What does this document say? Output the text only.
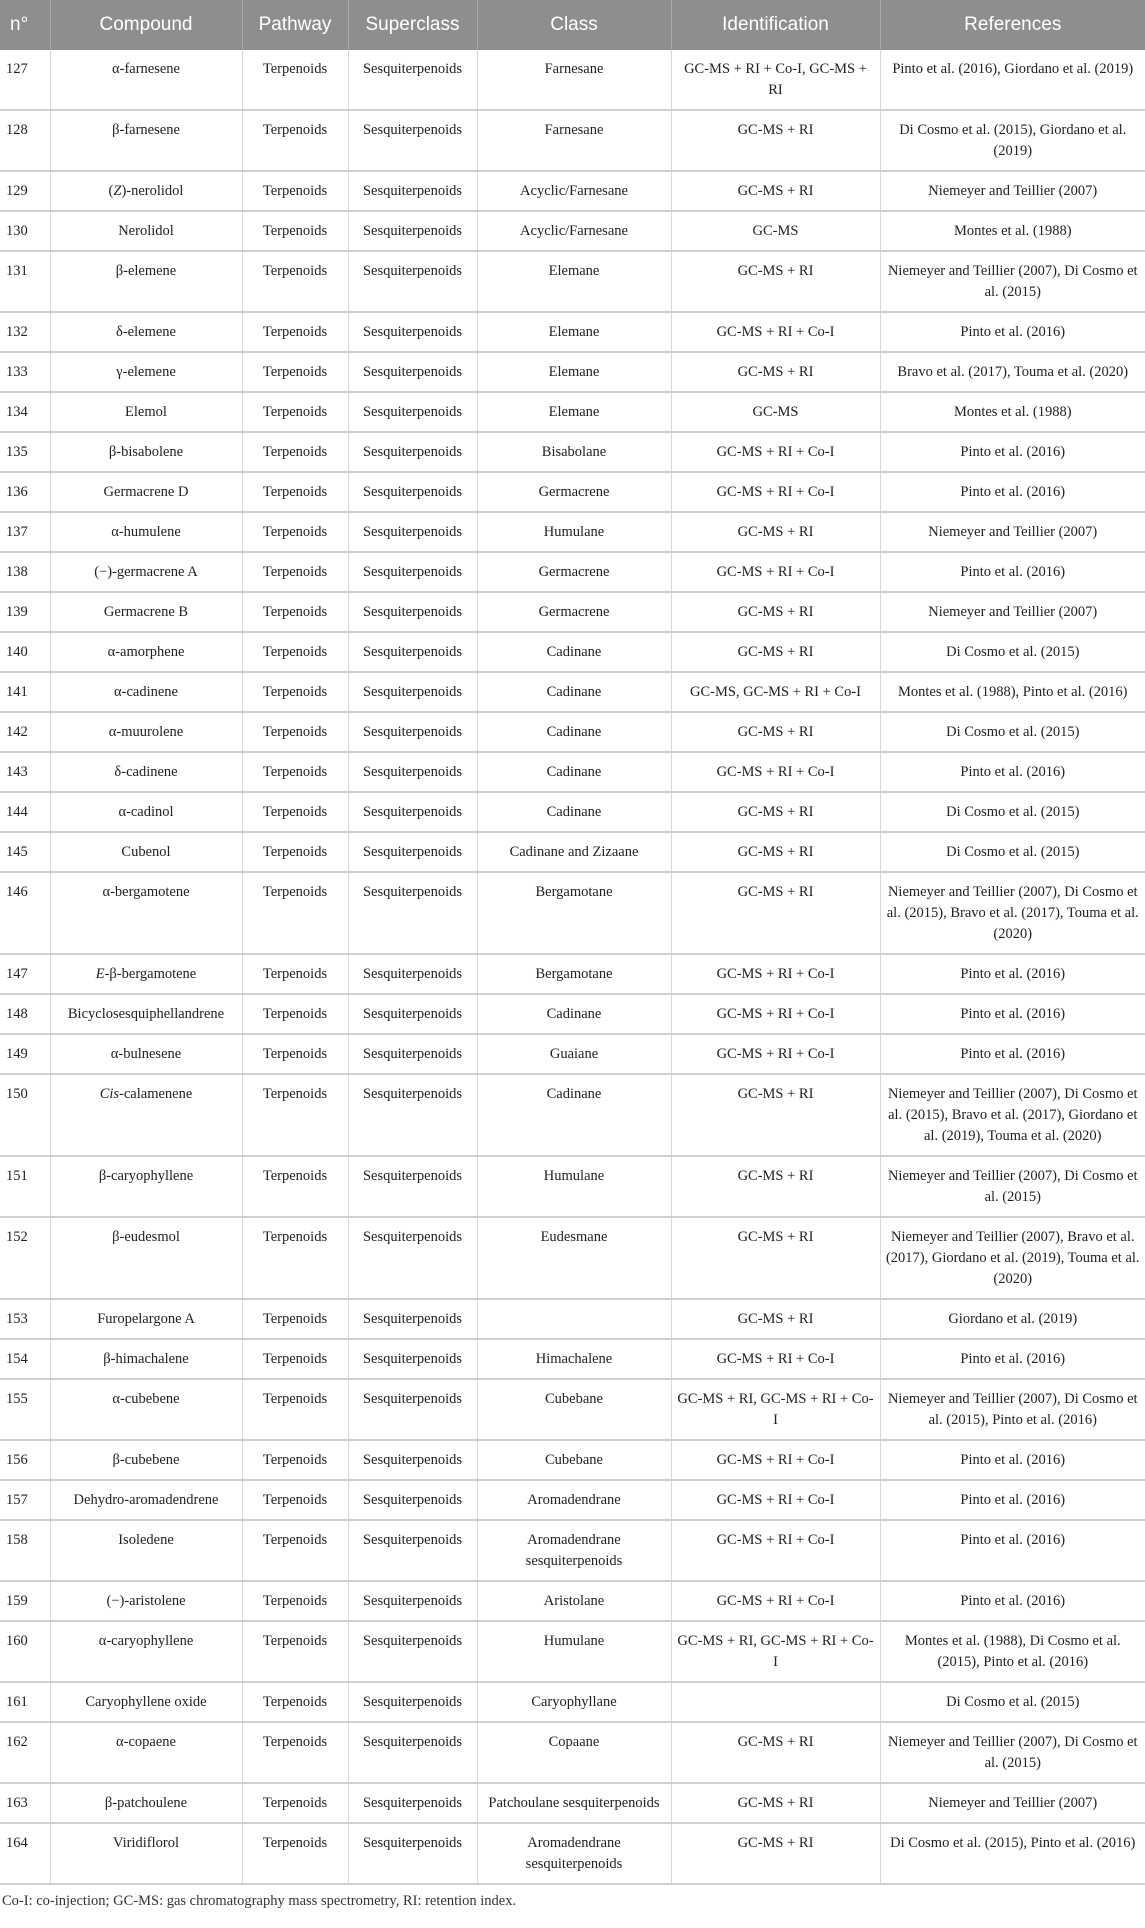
n°	Compound	Pathway	Superclass	Class	Identification	References
127	α-farnesene	Terpenoids	Sesquiterpenoids	Farnesane	GC-MS + RI + Co-I, GC-MS + RI	Pinto et al. (2016), Giordano et al. (2019)
128	β-farnesene	Terpenoids	Sesquiterpenoids	Farnesane	GC-MS + RI	Di Cosmo et al. (2015), Giordano et al. (2019)
129	(Z)-nerolidol	Terpenoids	Sesquiterpenoids	Acyclic/Farnesane	GC-MS + RI	Niemeyer and Teillier (2007)
130	Nerolidol	Terpenoids	Sesquiterpenoids	Acyclic/Farnesane	GC-MS	Montes et al. (1988)
131	β-elemene	Terpenoids	Sesquiterpenoids	Elemane	GC-MS + RI	Niemeyer and Teillier (2007), Di Cosmo et al. (2015)
132	δ-elemene	Terpenoids	Sesquiterpenoids	Elemane	GC-MS + RI + Co-I	Pinto et al. (2016)
133	γ-elemene	Terpenoids	Sesquiterpenoids	Elemane	GC-MS + RI	Bravo et al. (2017), Touma et al. (2020)
134	Elemol	Terpenoids	Sesquiterpenoids	Elemane	GC-MS	Montes et al. (1988)
135	β-bisabolene	Terpenoids	Sesquiterpenoids	Bisabolane	GC-MS + RI + Co-I	Pinto et al. (2016)
136	Germacrene D	Terpenoids	Sesquiterpenoids	Germacrene	GC-MS + RI + Co-I	Pinto et al. (2016)
137	α-humulene	Terpenoids	Sesquiterpenoids	Humulane	GC-MS + RI	Niemeyer and Teillier (2007)
138	(−)-germacrene A	Terpenoids	Sesquiterpenoids	Germacrene	GC-MS + RI + Co-I	Pinto et al. (2016)
139	Germacrene B	Terpenoids	Sesquiterpenoids	Germacrene	GC-MS + RI	Niemeyer and Teillier (2007)
140	α-amorphene	Terpenoids	Sesquiterpenoids	Cadinane	GC-MS + RI	Di Cosmo et al. (2015)
141	α-cadinene	Terpenoids	Sesquiterpenoids	Cadinane	GC-MS, GC-MS + RI + Co-I	Montes et al. (1988), Pinto et al. (2016)
142	α-muurolene	Terpenoids	Sesquiterpenoids	Cadinane	GC-MS + RI	Di Cosmo et al. (2015)
143	δ-cadinene	Terpenoids	Sesquiterpenoids	Cadinane	GC-MS + RI + Co-I	Pinto et al. (2016)
144	α-cadinol	Terpenoids	Sesquiterpenoids	Cadinane	GC-MS + RI	Di Cosmo et al. (2015)
145	Cubenol	Terpenoids	Sesquiterpenoids	Cadinane and Zizaane	GC-MS + RI	Di Cosmo et al. (2015)
146	α-bergamotene	Terpenoids	Sesquiterpenoids	Bergamotane	GC-MS + RI	Niemeyer and Teillier (2007), Di Cosmo et al. (2015), Bravo et al. (2017), Touma et al. (2020)
147	E-β-bergamotene	Terpenoids	Sesquiterpenoids	Bergamotane	GC-MS + RI + Co-I	Pinto et al. (2016)
148	Bicyclosesquiphellandrene	Terpenoids	Sesquiterpenoids	Cadinane	GC-MS + RI + Co-I	Pinto et al. (2016)
149	α-bulnesene	Terpenoids	Sesquiterpenoids	Guaiane	GC-MS + RI + Co-I	Pinto et al. (2016)
150	Cis-calamenene	Terpenoids	Sesquiterpenoids	Cadinane	GC-MS + RI	Niemeyer and Teillier (2007), Di Cosmo et al. (2015), Bravo et al. (2017), Giordano et al. (2019), Touma et al. (2020)
151	β-caryophyllene	Terpenoids	Sesquiterpenoids	Humulane	GC-MS + RI	Niemeyer and Teillier (2007), Di Cosmo et al. (2015)
152	β-eudesmol	Terpenoids	Sesquiterpenoids	Eudesmane	GC-MS + RI	Niemeyer and Teillier (2007), Bravo et al. (2017), Giordano et al. (2019), Touma et al. (2020)
153	Furopelargone A	Terpenoids	Sesquiterpenoids		GC-MS + RI	Giordano et al. (2019)
154	β-himachalene	Terpenoids	Sesquiterpenoids	Himachalene	GC-MS + RI + Co-I	Pinto et al. (2016)
155	α-cubebene	Terpenoids	Sesquiterpenoids	Cubebane	GC-MS + RI, GC-MS + RI + Co-I	Niemeyer and Teillier (2007), Di Cosmo et al. (2015), Pinto et al. (2016)
156	β-cubebene	Terpenoids	Sesquiterpenoids	Cubebane	GC-MS + RI + Co-I	Pinto et al. (2016)
157	Dehydro-aromadendrene	Terpenoids	Sesquiterpenoids	Aromadendrane	GC-MS + RI + Co-I	Pinto et al. (2016)
158	Isoledene	Terpenoids	Sesquiterpenoids	Aromadendrane sesquiterpenoids	GC-MS + RI + Co-I	Pinto et al. (2016)
159	(−)-aristolene	Terpenoids	Sesquiterpenoids	Aristolane	GC-MS + RI + Co-I	Pinto et al. (2016)
160	α-caryophyllene	Terpenoids	Sesquiterpenoids	Humulane	GC-MS + RI, GC-MS + RI + Co-I	Montes et al. (1988), Di Cosmo et al. (2015), Pinto et al. (2016)
161	Caryophyllene oxide	Terpenoids	Sesquiterpenoids	Caryophyllane		Di Cosmo et al. (2015)
162	α-copaene	Terpenoids	Sesquiterpenoids	Copaane	GC-MS + RI	Niemeyer and Teillier (2007), Di Cosmo et al. (2015)
163	β-patchoulene	Terpenoids	Sesquiterpenoids	Patchoulane sesquiterpenoids	GC-MS + RI	Niemeyer and Teillier (2007)
164	Viridiflorol	Terpenoids	Sesquiterpenoids	Aromadendrane sesquiterpenoids	GC-MS + RI	Di Cosmo et al. (2015), Pinto et al. (2016)
Co-I: co-injection; GC-MS: gas chromatography mass spectrometry, RI: retention index.
